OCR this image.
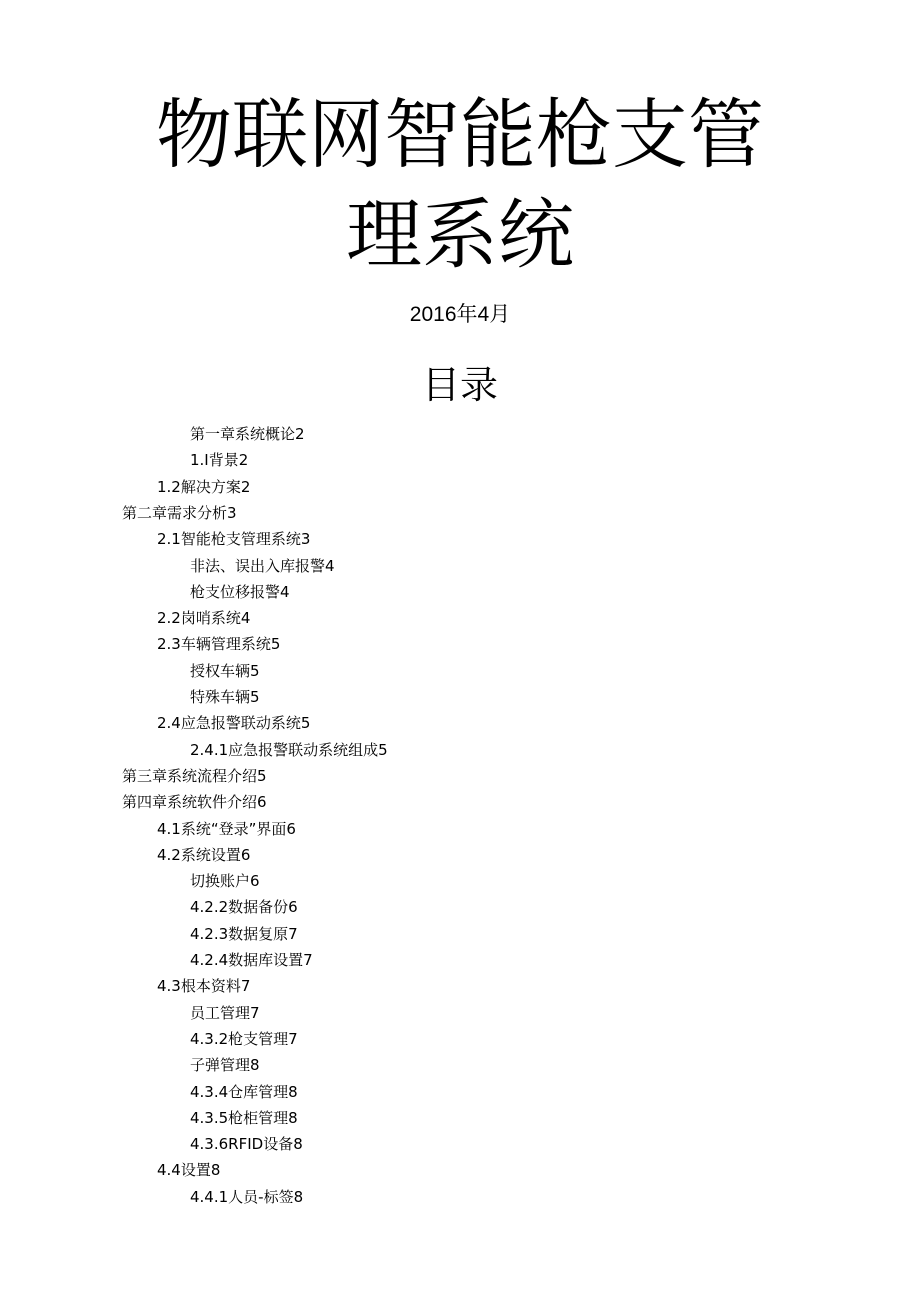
物联网智能枪支管
理系统
2016年4月
目录
第一章系统概论2
1.I背景2
1.2解决方案2
第二章需求分析3
2.1智能枪支管理系统3
非法、误出入库报警4
枪支位移报警4
2.2岗哨系统4
2.3车辆管理系统5
授权车辆5
特殊车辆5
2.4应急报警联动系统5
2.4.1应急报警联动系统组成5
第三章系统流程介绍5
第四章系统软件介绍6
4.1系统“登录”界面6
4.2系统设置6
切换账户6
4.2.2数据备份6
4.2.3数据复原7
4.2.4数据库设置7
4.3根本资料7
员工管理7
4.3.2枪支管理7
子弹管理8
4.3.4仓库管理8
4.3.5枪柜管理8
4.3.6RFID设备8
4.4设置8
4.4.1人员-标签8
